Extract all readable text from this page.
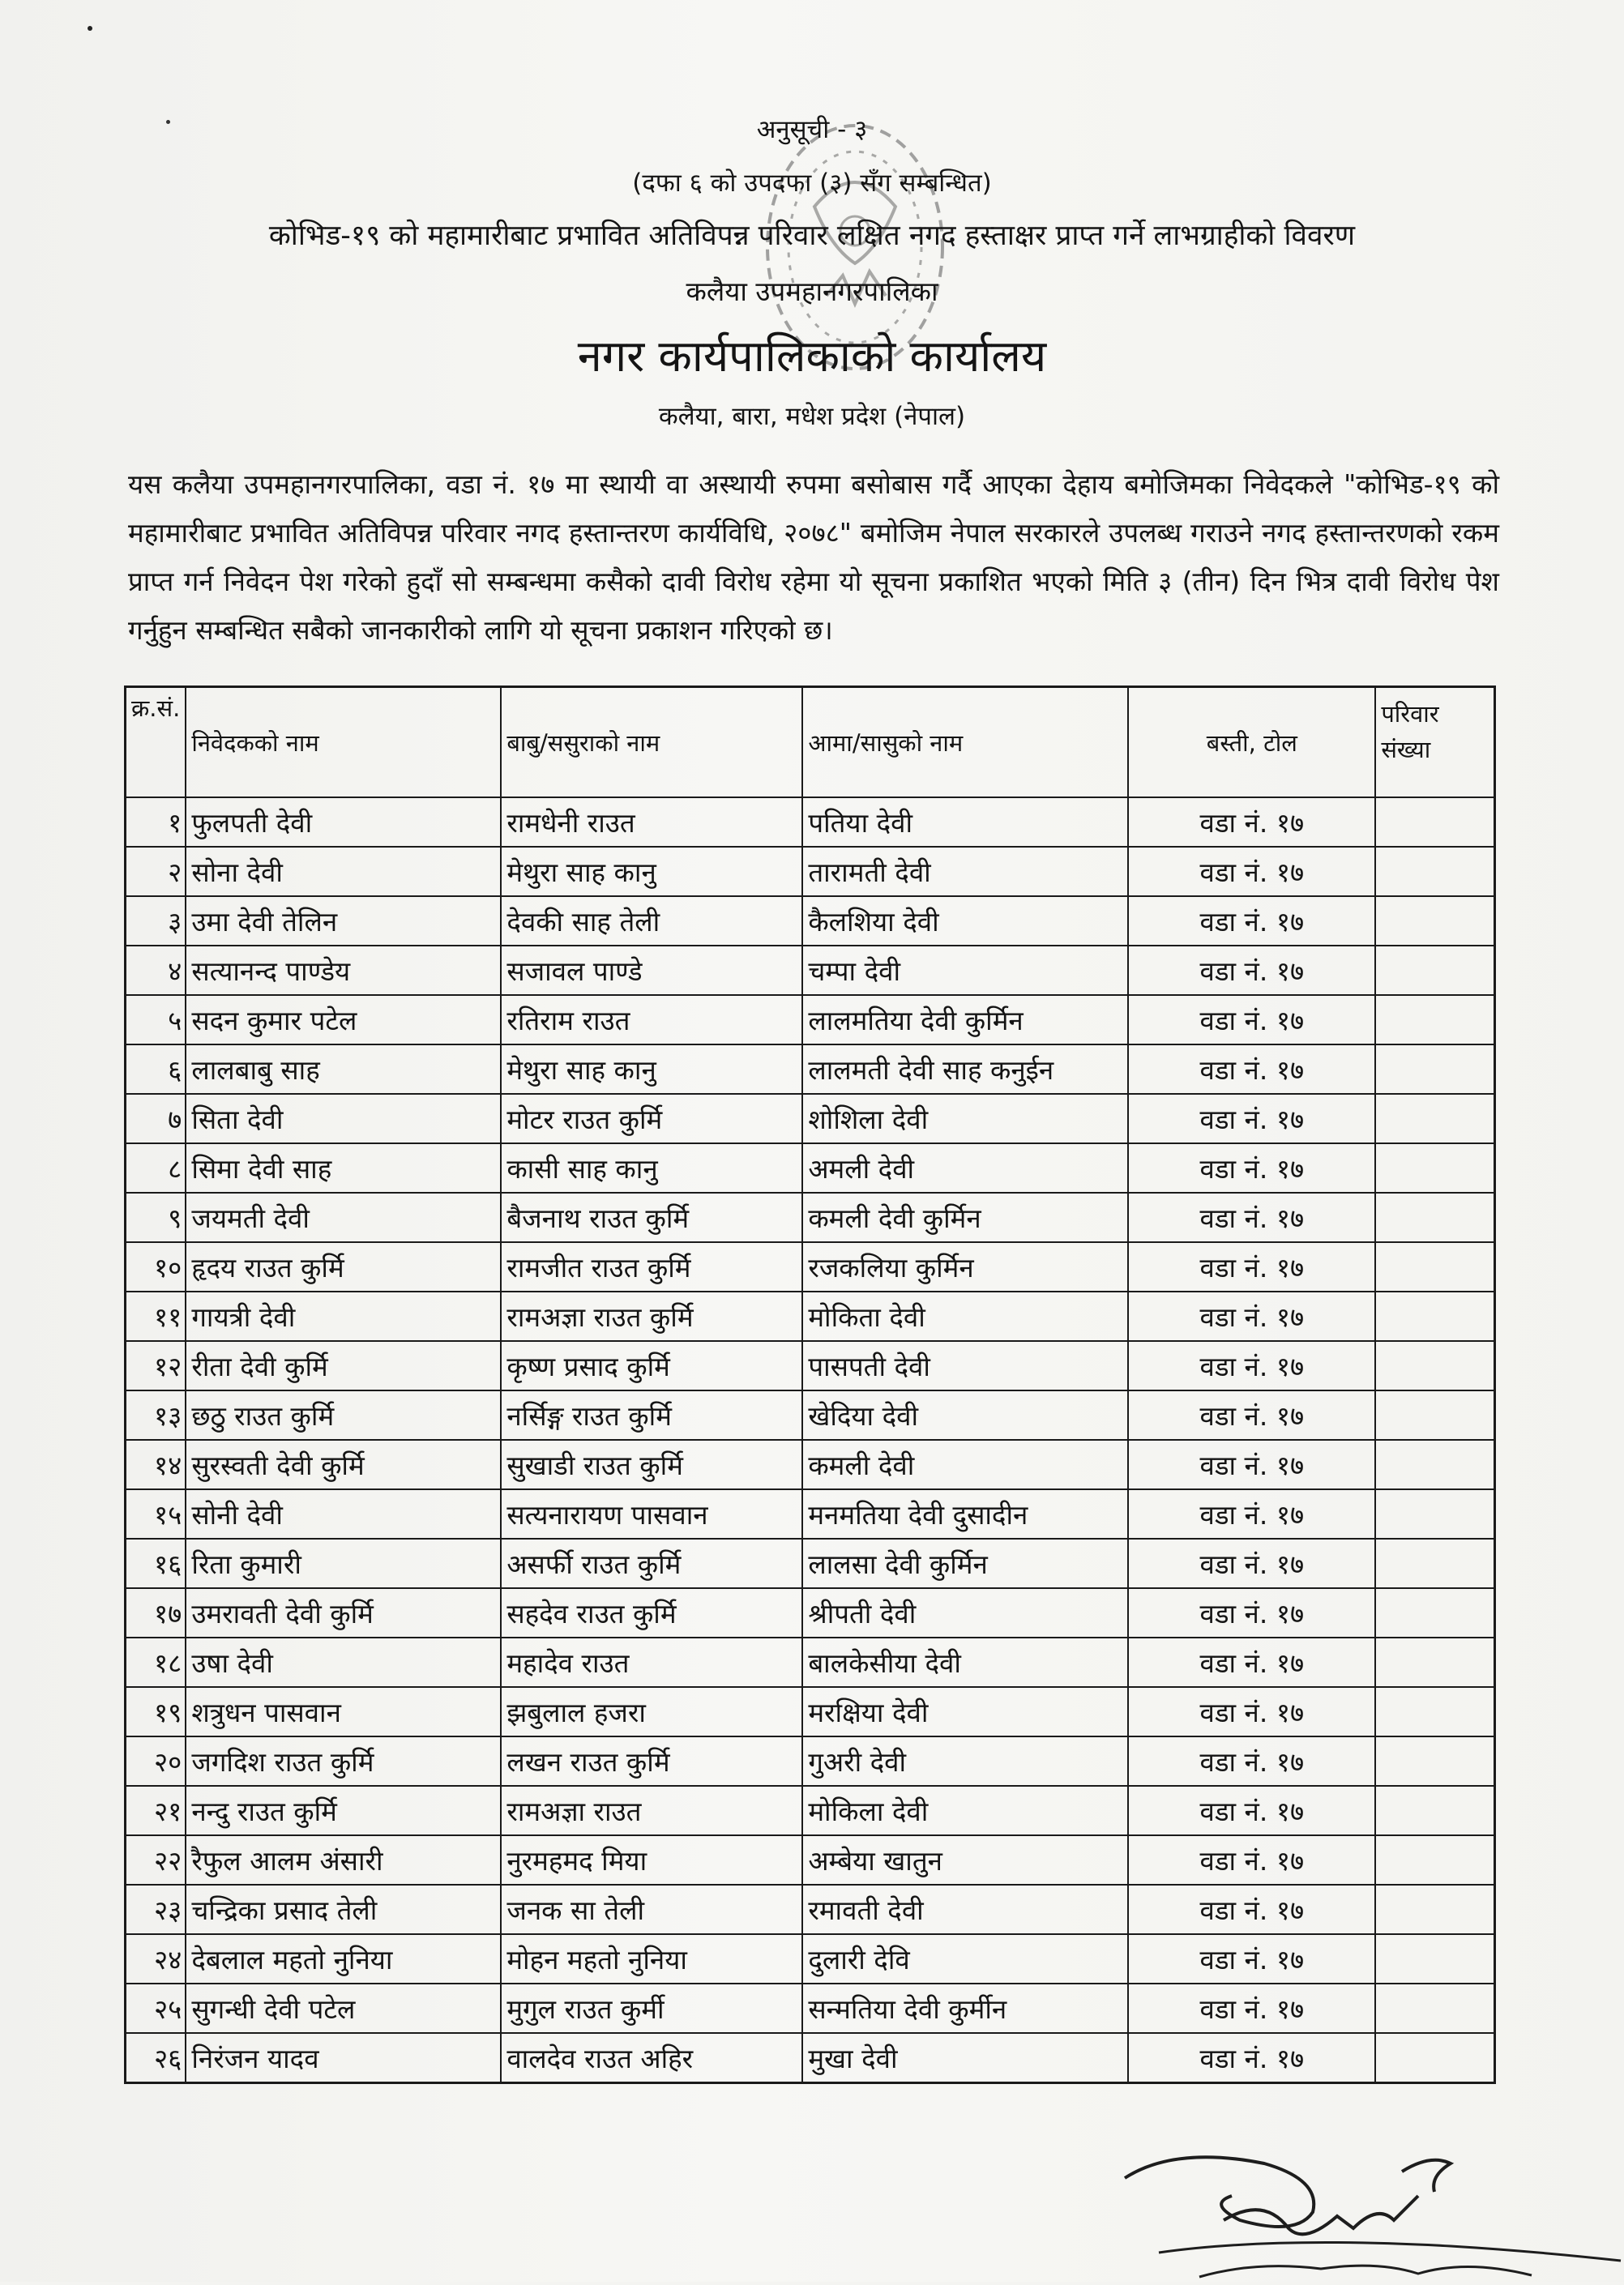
अनुसूची - ३
(दफा ६ को उपदफा (३) सँग सम्बन्धित)
कोभिड-१९ को महामारीबाट प्रभावित अतिविपन्न परिवार लक्षित नगद हस्ताक्षर प्राप्त गर्ने लाभग्राहीको विवरण
कलैया उपमहानगरपालिका
नगर कार्यपालिकाको कार्यालय
कलैया, बारा, मधेश प्रदेश (नेपाल)
यस कलैया उपमहानगरपालिका, वडा नं. १७ मा स्थायी वा अस्थायी रुपमा बसोबास गर्दै आएका देहाय बमोजिमका निवेदकले "कोभिड-१९ को महामारीबाट प्रभावित अतिविपन्न परिवार नगद हस्तान्तरण कार्यविधि, २०७८" बमोजिम नेपाल सरकारले उपलब्ध गराउने नगद हस्तान्तरणको रकम प्राप्त गर्न निवेदन पेश गरेको हुदाँ सो सम्बन्धमा कसैको दावी विरोध रहेमा यो सूचना प्रकाशित भएको मिति ३ (तीन) दिन भित्र दावी विरोध पेश गर्नुहुन सम्बन्धित सबैको जानकारीको लागि यो सूचना प्रकाशन गरिएको छ।
क्र.सं.	निवेदकको नाम	बाबु/ससुराको नाम	आमा/सासुको नाम	बस्ती, टोल	परिवार संख्या
१	फुलपती देवी	रामधेनी राउत	पतिया देवी	वडा नं. १७	
२	सोना देवी	मेथुरा साह कानु	तारामती देवी	वडा नं. १७	
३	उमा देवी तेलिन	देवकी साह तेली	कैलशिया देवी	वडा नं. १७	
४	सत्यानन्द पाण्डेय	सजावल पाण्डे	चम्पा देवी	वडा नं. १७	
५	सदन कुमार पटेल	रतिराम राउत	लालमतिया देवी कुर्मिन	वडा नं. १७	
६	लालबाबु साह	मेथुरा साह कानु	लालमती देवी साह कनुईन	वडा नं. १७	
७	सिता देवी	मोटर राउत कुर्मि	शोशिला देवी	वडा नं. १७	
८	सिमा देवी साह	कासी साह कानु	अमली देवी	वडा नं. १७	
९	जयमती देवी	बैजनाथ राउत कुर्मि	कमली देवी कुर्मिन	वडा नं. १७	
१०	हृदय राउत कुर्मि	रामजीत राउत कुर्मि	रजकलिया कुर्मिन	वडा नं. १७	
११	गायत्री देवी	रामअज्ञा राउत कुर्मि	मोकिता देवी	वडा नं. १७	
१२	रीता देवी कुर्मि	कृष्ण प्रसाद कुर्मि	पासपती देवी	वडा नं. १७	
१३	छठु राउत कुर्मि	नर्सिङ्ग राउत कुर्मि	खेदिया देवी	वडा नं. १७	
१४	सुरस्वती देवी कुर्मि	सुखाडी राउत कुर्मि	कमली देवी	वडा नं. १७	
१५	सोनी देवी	सत्यनारायण पासवान	मनमतिया देवी दुसादीन	वडा नं. १७	
१६	रिता कुमारी	असर्फी राउत कुर्मि	लालसा देवी कुर्मिन	वडा नं. १७	
१७	उमरावती देवी कुर्मि	सहदेव राउत कुर्मि	श्रीपती देवी	वडा नं. १७	
१८	उषा देवी	महादेव राउत	बालकेसीया देवी	वडा नं. १७	
१९	शत्रुधन पासवान	झबुलाल हजरा	मरक्षिया देवी	वडा नं. १७	
२०	जगदिश राउत कुर्मि	लखन राउत कुर्मि	गुअरी देवी	वडा नं. १७	
२१	नन्दु राउत कुर्मि	रामअज्ञा राउत	मोकिला देवी	वडा नं. १७	
२२	रैफुल आलम अंसारी	नुरमहमद मिया	अम्बेया खातुन	वडा नं. १७	
२३	चन्द्रिका प्रसाद तेली	जनक सा तेली	रमावती देवी	वडा नं. १७	
२४	देबलाल महतो नुनिया	मोहन महतो नुनिया	दुलारी देवि	वडा नं. १७	
२५	सुगन्धी देवी पटेल	मुगुल राउत कुर्मी	सन्मतिया देवी कुर्मीन	वडा नं. १७	
२६	निरंजन यादव	वालदेव राउत अहिर	मुखा देवी	वडा नं. १७	
